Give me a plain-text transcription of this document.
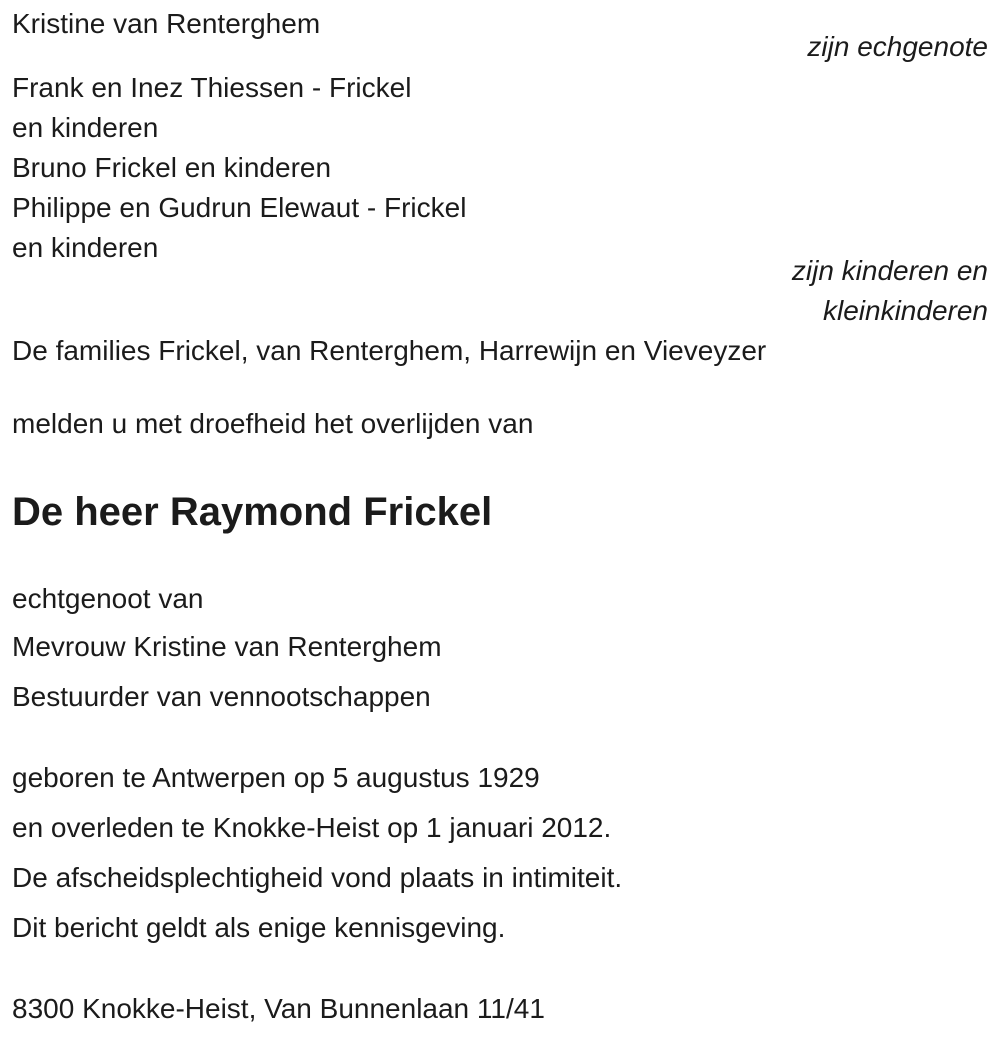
Kristine van Renterghem
zijn echgenote
Frank en Inez Thiessen - Frickel
en kinderen
Bruno Frickel en kinderen
Philippe en Gudrun Elewaut - Frickel
en kinderen
zijn kinderen en
kleinkinderen
De families Frickel, van Renterghem, Harrewijn en Vieveyzer
melden u met droefheid het overlijden van
De heer Raymond Frickel
echtgenoot van
Mevrouw Kristine van Renterghem
Bestuurder van vennootschappen
geboren te Antwerpen op 5 augustus 1929
en overleden te Knokke-Heist op 1 januari 2012.
De afscheidsplechtigheid vond plaats in intimiteit.
Dit bericht geldt als enige kennisgeving.
8300 Knokke-Heist, Van Bunnenlaan 11/41
